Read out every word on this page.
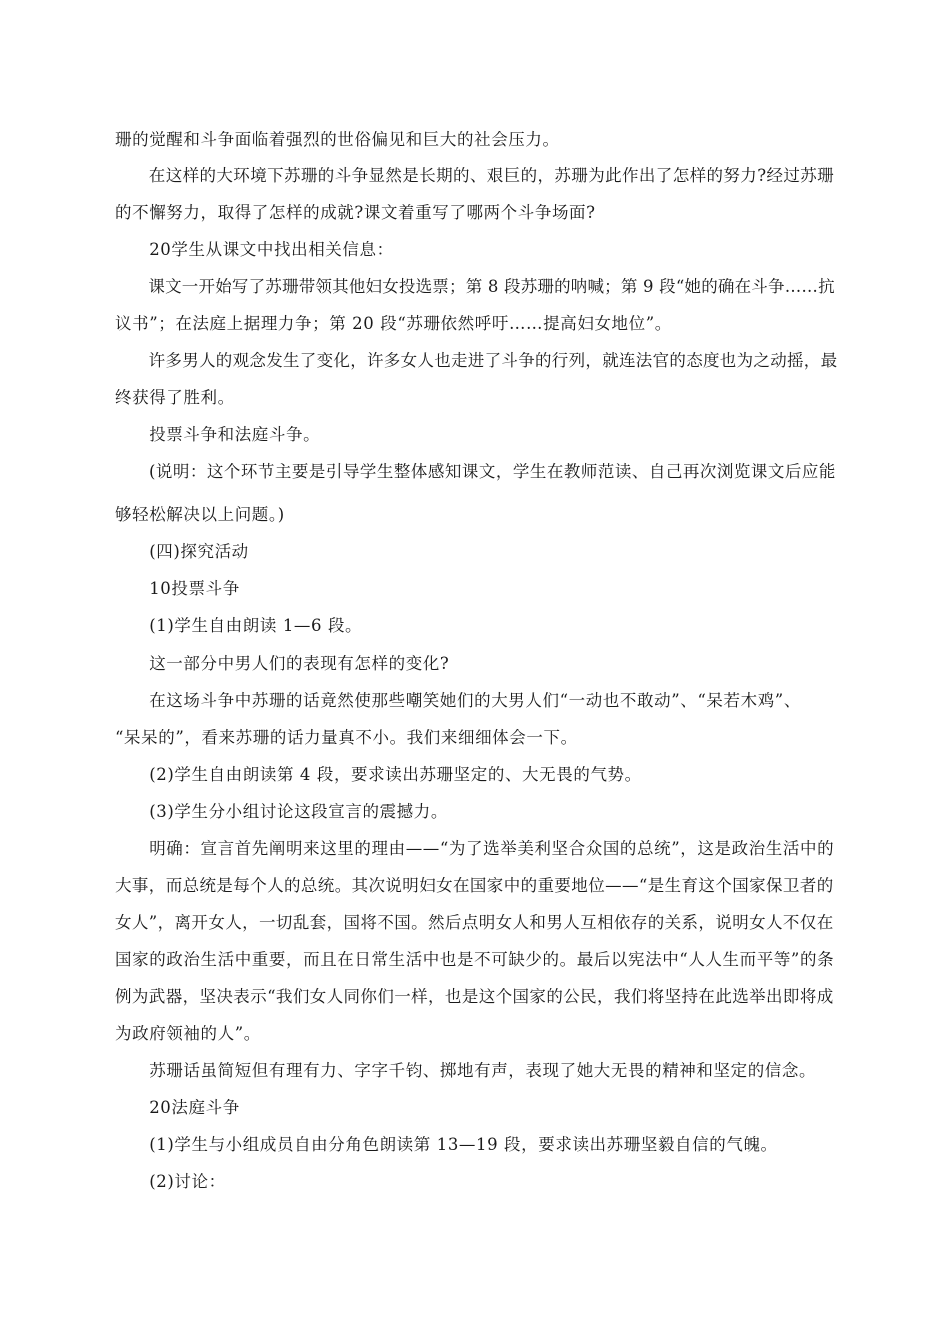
珊的觉醒和斗争面临着强烈的世俗偏见和巨大的社会压力。
　　在这样的大环境下苏珊的斗争显然是长期的、艰巨的，苏珊为此作出了怎样的努力?经过苏珊
的不懈努力，取得了怎样的成就?课文着重写了哪两个斗争场面?
　　20学生从课文中找出相关信息：
　　课文一开始写了苏珊带领其他妇女投选票；第 8 段苏珊的呐喊；第 9 段“她的确在斗争……抗
议书”；在法庭上据理力争；第 20 段“苏珊依然呼吁……提高妇女地位”。
　　许多男人的观念发生了变化，许多女人也走进了斗争的行列，就连法官的态度也为之动摇，最
终获得了胜利。
　　投票斗争和法庭斗争。
　　(说明：这个环节主要是引导学生整体感知课文，学生在教师范读、自己再次浏览课文后应能
够轻松解决以上问题。)
　　(四)探究活动
　　10投票斗争
　　(1)学生自由朗读 1—6 段。
　　这一部分中男人们的表现有怎样的变化?
　　在这场斗争中苏珊的话竟然使那些嘲笑她们的大男人们“一动也不敢动”、“呆若木鸡”、
“呆呆的”，看来苏珊的话力量真不小。我们来细细体会一下。
　　(2)学生自由朗读第 4 段，要求读出苏珊坚定的、大无畏的气势。
　　(3)学生分小组讨论这段宣言的震撼力。
　　明确：宣言首先阐明来这里的理由——“为了选举美利坚合众国的总统”，这是政治生活中的
大事，而总统是每个人的总统。其次说明妇女在国家中的重要地位——“是生育这个国家保卫者的
女人”，离开女人，一切乱套，国将不国。然后点明女人和男人互相依存的关系，说明女人不仅在
国家的政治生活中重要，而且在日常生活中也是不可缺少的。最后以宪法中“人人生而平等”的条
例为武器，坚决表示“我们女人同你们一样，也是这个国家的公民，我们将坚持在此选举出即将成
为政府领袖的人”。
　　苏珊话虽简短但有理有力、字字千钧、掷地有声，表现了她大无畏的精神和坚定的信念。
　　20法庭斗争
　　(1)学生与小组成员自由分角色朗读第 13—19 段，要求读出苏珊坚毅自信的气魄。
　　(2)讨论：
